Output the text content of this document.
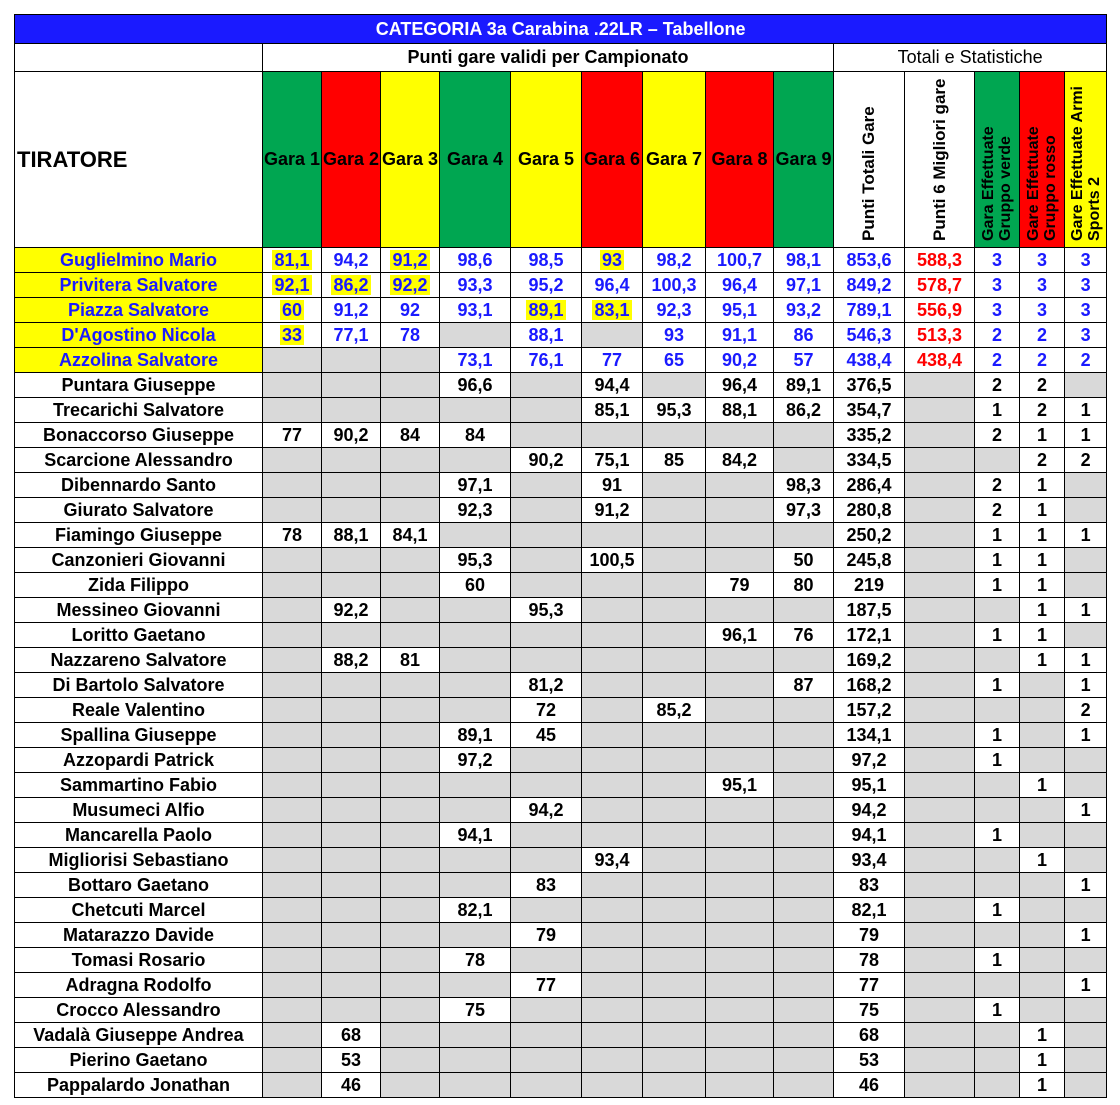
CATEGORIA 3a Carabina .22LR – Tabellone														
	Punti gare validi per Campionato									Totali e Statistiche				
TIRATORE	Gara 1	Gara 2	Gara 3	Gara 4	Gara 5	Gara 6	Gara 7	Gara 8	Gara 9	Punti Totali Gare	Punti 6 Migliori gare	Gara Effettuate Gruppo verde	Gare Effettuate Gruppo rosso	Gare Effettuate Armi Sports 2
Guglielmino Mario	81,1	94,2	91,2	98,6	98,5	93	98,2	100,7	98,1	853,6	588,3	3	3	3
Privitera Salvatore	92,1	86,2	92,2	93,3	95,2	96,4	100,3	96,4	97,1	849,2	578,7	3	3	3
Piazza Salvatore	60	91,2	92	93,1	89,1	83,1	92,3	95,1	93,2	789,1	556,9	3	3	3
D'Agostino Nicola	33	77,1	78		88,1		93	91,1	86	546,3	513,3	2	2	3
Azzolina Salvatore				73,1	76,1	77	65	90,2	57	438,4	438,4	2	2	2
Puntara Giuseppe				96,6		94,4		96,4	89,1	376,5		2	2	
Trecarichi Salvatore						85,1	95,3	88,1	86,2	354,7		1	2	1
Bonaccorso Giuseppe	77	90,2	84	84						335,2		2	1	1
Scarcione Alessandro					90,2	75,1	85	84,2		334,5			2	2
Dibennardo Santo				97,1		91			98,3	286,4		2	1	
Giurato Salvatore				92,3		91,2			97,3	280,8		2	1	
Fiamingo Giuseppe	78	88,1	84,1							250,2		1	1	1
Canzonieri Giovanni				95,3		100,5			50	245,8		1	1	
Zida Filippo				60				79	80	219		1	1	
Messineo Giovanni		92,2			95,3					187,5			1	1
Loritto Gaetano								96,1	76	172,1		1	1	
Nazzareno Salvatore		88,2	81							169,2			1	1
Di Bartolo Salvatore					81,2				87	168,2		1		1
Reale Valentino					72		85,2			157,2				2
Spallina Giuseppe				89,1	45					134,1		1		1
Azzopardi Patrick				97,2						97,2		1		
Sammartino Fabio								95,1		95,1			1	
Musumeci Alfio					94,2					94,2				1
Mancarella Paolo				94,1						94,1		1		
Migliorisi Sebastiano						93,4				93,4			1	
Bottaro Gaetano					83					83				1
Chetcuti Marcel				82,1						82,1		1		
Matarazzo Davide					79					79				1
Tomasi Rosario				78						78		1		
Adragna Rodolfo					77					77				1
Crocco Alessandro				75						75		1		
Vadalà Giuseppe Andrea		68								68			1	
Pierino Gaetano		53								53			1	
Pappalardo Jonathan		46								46			1	
